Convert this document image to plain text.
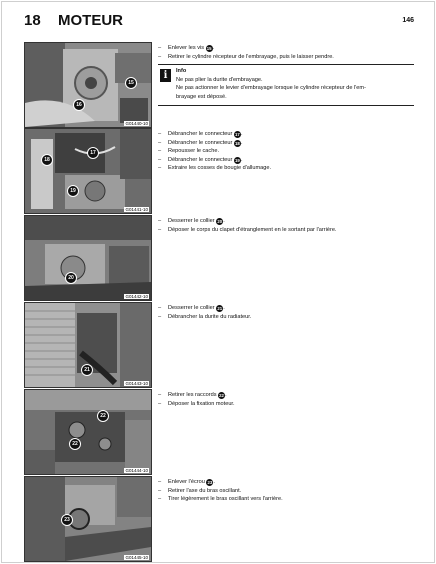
18 MOTEUR	146
15
16
G01440-10
– Enlever les vis 15.
– Retirer le cylindre récepteur de l'embrayage, puis le laisser pendre.
i	Info
Ne pas plier la durite d'embrayage.
Ne pas actionner le levier d'embrayage lorsque le cylindre récepteur de l'em-
brayage est déposé.
17
18
19
G01441-10
– Débrancher le connecteur 17.
– Débrancher le connecteur 18.
– Repousser le cache.
– Débrancher le connecteur 19.
– Extraire les cosses de bougie d'allumage.
20
G01442-10
– Desserrer le collier 20.
– Déposer le corps du clapet d'étranglement en le sortant par l'arrière.
21
G01443-10
– Desserrer le collier 21.
– Débrancher la durite du radiateur.
22
22
G01444-10
– Retirer les raccords 22.
– Déposer la fixation moteur.
23
G01445-10
– Enlever l'écrou 23.
– Retirer l'axe du bras oscillant.
– Tirer légèrement le bras oscillant vers l'arrière.
